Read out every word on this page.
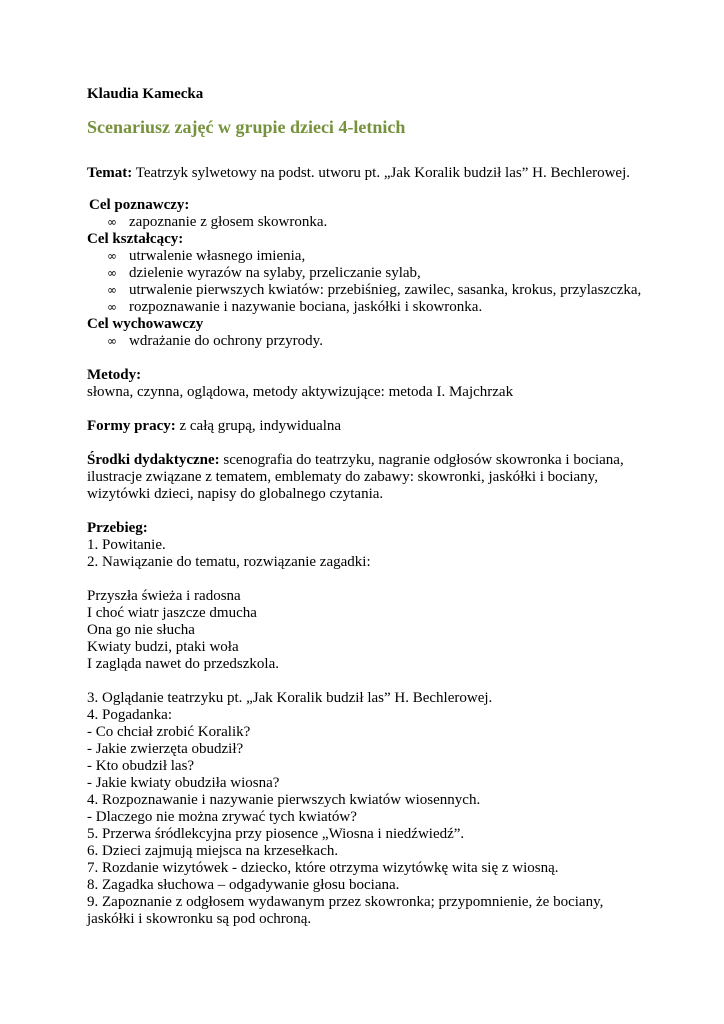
Klaudia Kamecka

Scenariusz zajęć w grupie dzieci 4-letnich

Temat: Teatrzyk sylwetowy na podst. utworu pt. „Jak Koralik budził las” H. Bechlerowej.

Cel poznawczy:

∞ zapoznanie z głosem skowronka.

Cel kształcący:

∞ utrwalenie własnego imienia,
∞ dzielenie wyrazów na sylaby, przeliczanie sylab,
∞ utrwalenie pierwszych kwiatów: przebiśnieg, zawilec, sasanka, krokus, przylaszczka,
∞ rozpoznawanie i nazywanie bociana, jaskółki i skowronka.

Cel wychowawczy

∞ wdrażanie do ochrony przyrody.

Metody:

słowna, czynna, oglądowa, metody aktywizujące: metoda I. Majchrzak

Formy pracy: z całą grupą, indywidualna

Środki dydaktyczne: scenografia do teatrzyku, nagranie odgłosów skowronka i bociana,

ilustracje związane z tematem, emblematy do zabawy: skowronki, jaskółki i bociany,

wizytówki dzieci, napisy do globalnego czytania.

Przebieg:

1. Powitanie.

2. Nawiązanie do tematu, rozwiązanie zagadki:

Przyszła świeża i radosna

I choć wiatr jaszcze dmucha

Ona go nie słucha

Kwiaty budzi, ptaki woła

I zagląda nawet do przedszkola.

3. Oglądanie teatrzyku pt. „Jak Koralik budził las” H. Bechlerowej.

4. Pogadanka:

- Co chciał zrobić Koralik?

- Jakie zwierzęta obudził?

- Kto obudził las?

- Jakie kwiaty obudziła wiosna?

4. Rozpoznawanie i nazywanie pierwszych kwiatów wiosennych.

- Dlaczego nie można zrywać tych kwiatów?

5. Przerwa śródlekcyjna przy piosence „Wiosna i niedźwiedź”.

6. Dzieci zajmują miejsca na krzesełkach.

7. Rozdanie wizytówek - dziecko, które otrzyma wizytówkę wita się z wiosną.

8. Zagadka słuchowa – odgadywanie głosu bociana.

9. Zapoznanie z odgłosem wydawanym przez skowronka; przypomnienie, że bociany,

jaskółki i skowronku są pod ochroną.
